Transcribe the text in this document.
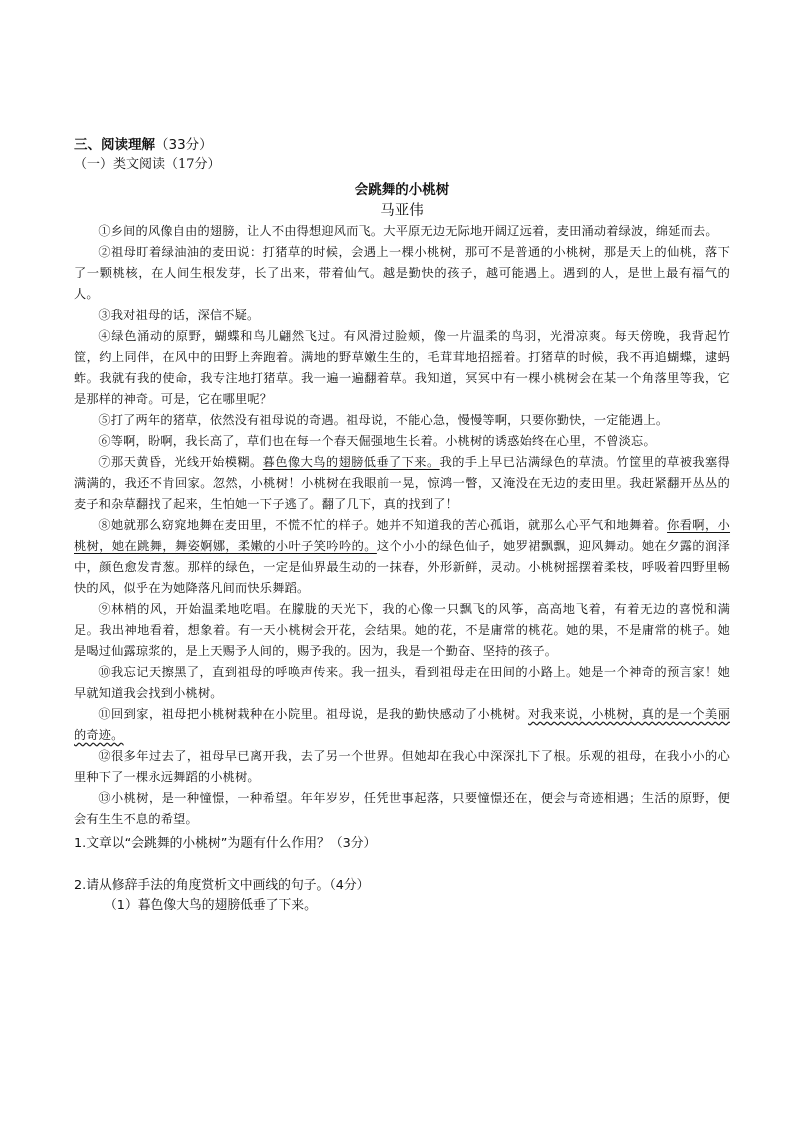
三、阅读理解（33分）
（一）类文阅读（17分）
会跳舞的小桃树
马亚伟

①乡间的风像自由的翅膀，让人不由得想迎风而飞。大平原无边无际地开阔辽远着，麦田涌动着绿波，绵延而去。

②祖母盯着绿油油的麦田说：打猪草的时候，会遇上一棵小桃树，那可不是普通的小桃树，那是天上的仙桃，落下了一颗桃核，在人间生根发芽，长了出来，带着仙气。越是勤快的孩子，越可能遇上。遇到的人，是世上最有福气的人。

③我对祖母的话，深信不疑。

④绿色涌动的原野，蝴蝶和鸟儿翩然飞过。有风滑过脸颊，像一片温柔的鸟羽，光滑凉爽。每天傍晚，我背起竹筐，约上同伴，在风中的田野上奔跑着。满地的野草嫩生生的，毛茸茸地招摇着。打猪草的时候，我不再追蝴蝶，逮蚂蚱。我就有我的使命，我专注地打猪草。我一遍一遍翻着草。我知道，冥冥中有一棵小桃树会在某一个角落里等我，它是那样的神奇。可是，它在哪里呢？

⑤打了两年的猪草，依然没有祖母说的奇遇。祖母说，不能心急，慢慢等啊，只要你勤快，一定能遇上。

⑥等啊，盼啊，我长高了，草们也在每一个春天倔强地生长着。小桃树的诱惑始终在心里，不曾淡忘。

⑦那天黄昏，光线开始模糊。暮色像大鸟的翅膀低垂了下来。我的手上早已沾满绿色的草渍。竹筐里的草被我塞得满满的，我还不肯回家。忽然，小桃树！小桃树在我眼前一晃，惊鸿一瞥，又淹没在无边的麦田里。我赶紧翻开丛丛的麦子和杂草翻找了起来，生怕她一下子逃了。翻了几下，真的找到了！

⑧她就那么窈窕地舞在麦田里，不慌不忙的样子。她并不知道我的苦心孤诣，就那么心平气和地舞着。你看啊，小桃树，她在跳舞，舞姿婀娜，柔嫩的小叶子笑吟吟的。这个小小的绿色仙子，她罗裙飘飘，迎风舞动。她在夕露的润泽中，颜色愈发青葱。那样的绿色，一定是仙界最生动的一抹春，外形新鲜，灵动。小桃树摇摆着柔枝，呼吸着四野里畅快的风，似乎在为她降落凡间而快乐舞蹈。

⑨林梢的风，开始温柔地吃唱。在朦胧的天光下，我的心像一只飘飞的风筝，高高地飞着，有着无边的喜悦和满足。我出神地看着，想象着。有一天小桃树会开花，会结果。她的花，不是庸常的桃花。她的果，不是庸常的桃子。她是喝过仙露琼浆的，是上天赐予人间的，赐予我的。因为，我是一个勤奋、坚持的孩子。

⑩我忘记天擦黑了，直到祖母的呼唤声传来。我一扭头，看到祖母走在田间的小路上。她是一个神奇的预言家！她早就知道我会找到小桃树。

⑪回到家，祖母把小桃树栽种在小院里。祖母说，是我的勤快感动了小桃树。对我来说，小桃树，真的是一个美丽的奇迹。

⑫很多年过去了，祖母早已离开我，去了另一个世界。但她却在我心中深深扎下了根。乐观的祖母，在我小小的心里种下了一棵永远舞蹈的小桃树。

⑬小桃树，是一种憧憬，一种希望。年年岁岁，任凭世事起落，只要憧憬还在，便会与奇迹相遇；生活的原野，便会有生生不息的希望。

1.文章以“会跳舞的小桃树”为题有什么作用？（3分）
2.请从修辞手法的角度赏析文中画线的句子。（4分）
（1）暮色像大鸟的翅膀低垂了下来。
